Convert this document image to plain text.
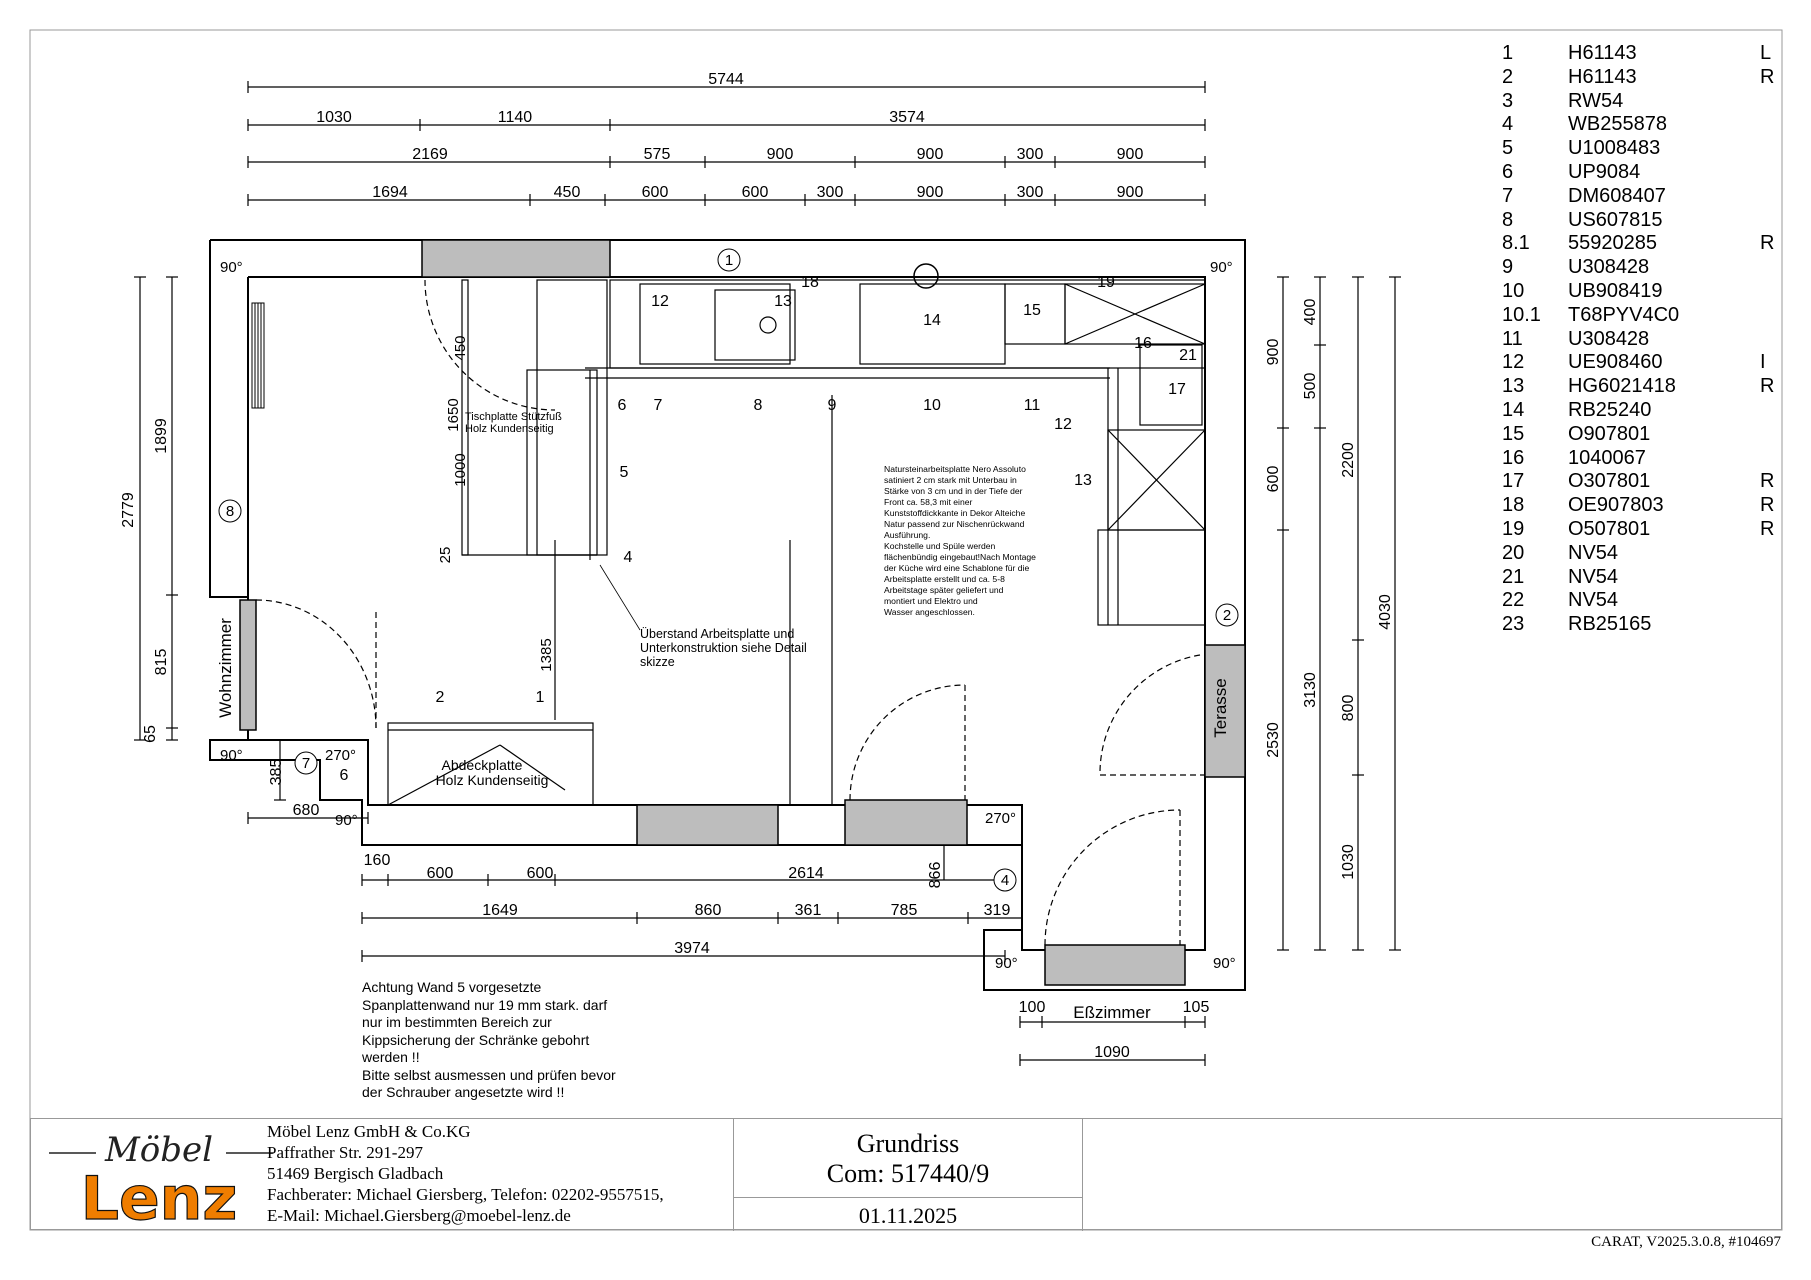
5744
1030	1140	3574
2169	575	900	900	300	900
1694	450	600	600	300	900	300	900
2779
1899
815
65
385
680
900
400
500
600
2200
4030
3130
2530
800
1030
160
600	600	2614	866
1649	860	361	785	319
3974
100	105
1090
450
1650
1000
25
1385
90°	90°
90°	270°
90°	270°
90°	90°
Wohnzimmer	Terasse
Eßzimmer
1
2
8
7
4
12	13
18
14
15
19
16
21
17
6 7	8	9	10	11
12
13
5
4
2	1
6
Tischplatte Stützfuß
Holz Kundenseitig
Abdeckplatte
Holz Kundenseitig
Überstand Arbeitsplatte und
Unterkonstruktion siehe Detail
skizze
Natursteinarbeitsplatte Nero Assoluto
satiniert 2 cm stark mit Unterbau in
Stärke von 3 cm und in der Tiefe der
Front ca. 58,3 mit einer
Kunststoffdickkante in Dekor Alteiche
Natur passend zur Nischenrückwand
Ausführung.
Kochstelle und Spüle werden
flächenbündig eingebaut!Nach Montage
der Küche wird eine Schablone für die
Arbeitsplatte erstellt und ca. 5-8
Arbeitstage später geliefert und
montiert und Elektro und
Wasser angeschlossen.
1	H61143	L
2	H61143	R
3	RW54
4	WB255878
5	U1008483
6	UP9084
7	DM608407
8	US607815
8.1	55920285	R
9	U308428
10	UB908419
10.1	T68PYV4C0
11	U308428
12	UE908460	I
13	HG6021418	R
14	RB25240
15	O907801
16	1040067
17	O307801	R
18	OE907803	R
19	O507801	R
20	NV54
21	NV54
22	NV54
23	RB25165
Achtung Wand 5 vorgesetzte
Spanplattenwand nur 19 mm stark. darf
nur im bestimmten Bereich zur
Kippsicherung der Schränke gebohrt
werden !!
Bitte selbst ausmessen und prüfen bevor
der Schrauber angesetzte wird !!
Möbel
Lenz
Möbel Lenz GmbH & Co.KG
Paffrather Str. 291-297
51469 Bergisch Gladbach
Fachberater: Michael Giersberg, Telefon: 02202-9557515,
E-Mail: Michael.Giersberg@moebel-lenz.de
Grundriss
Com: 517440/9
01.11.2025
CARAT, V2025.3.0.8, #104697
